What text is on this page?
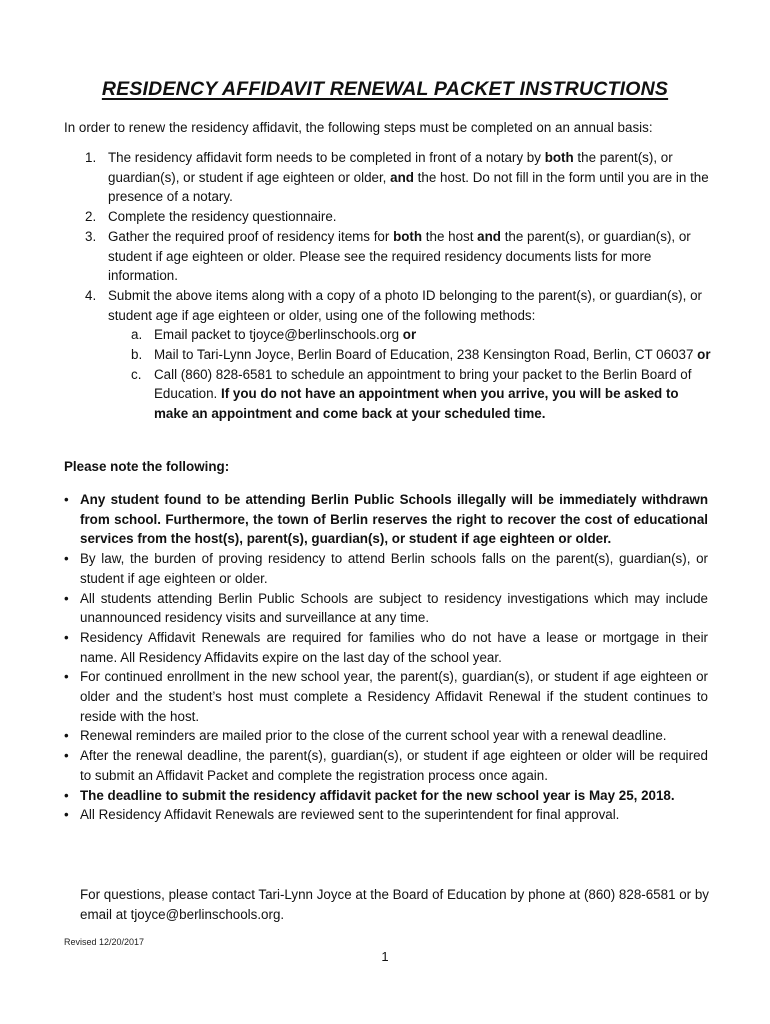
RESIDENCY AFFIDAVIT RENEWAL PACKET INSTRUCTIONS

In order to renew the residency affidavit, the following steps must be completed on an annual basis:

1. The residency affidavit form needs to be completed in front of a notary by both the parent(s), or guardian(s), or student if age eighteen or older, and the host. Do not fill in the form until you are in the presence of a notary.
2. Complete the residency questionnaire.
3. Gather the required proof of residency items for both the host and the parent(s), or guardian(s), or student if age eighteen or older. Please see the required residency documents lists for more information.
4. Submit the above items along with a copy of a photo ID belonging to the parent(s), or guardian(s), or student age if age eighteen or older, using one of the following methods:
a. Email packet to tjoyce@berlinschools.org or
b. Mail to Tari-Lynn Joyce, Berlin Board of Education, 238 Kensington Road, Berlin, CT 06037 or
c. Call (860) 828-6581 to schedule an appointment to bring your packet to the Berlin Board of Education. If you do not have an appointment when you arrive, you will be asked to make an appointment and come back at your scheduled time.

Please note the following:

• Any student found to be attending Berlin Public Schools illegally will be immediately withdrawn from school. Furthermore, the town of Berlin reserves the right to recover the cost of educational services from the host(s), parent(s), guardian(s), or student if age eighteen or older.
• By law, the burden of proving residency to attend Berlin schools falls on the parent(s), guardian(s), or student if age eighteen or older.
• All students attending Berlin Public Schools are subject to residency investigations which may include unannounced residency visits and surveillance at any time.
• Residency Affidavit Renewals are required for families who do not have a lease or mortgage in their name. All Residency Affidavits expire on the last day of the school year.
• For continued enrollment in the new school year, the parent(s), guardian(s), or student if age eighteen or older and the student’s host must complete a Residency Affidavit Renewal if the student continues to reside with the host.
• Renewal reminders are mailed prior to the close of the current school year with a renewal deadline.
• After the renewal deadline, the parent(s), guardian(s), or student if age eighteen or older will be required to submit an Affidavit Packet and complete the registration process once again.
• The deadline to submit the residency affidavit packet for the new school year is May 25, 2018.
• All Residency Affidavit Renewals are reviewed sent to the superintendent for final approval.

For questions, please contact Tari-Lynn Joyce at the Board of Education by phone at (860) 828-6581 or by email at tjoyce@berlinschools.org.

Revised 12/20/2017

1
